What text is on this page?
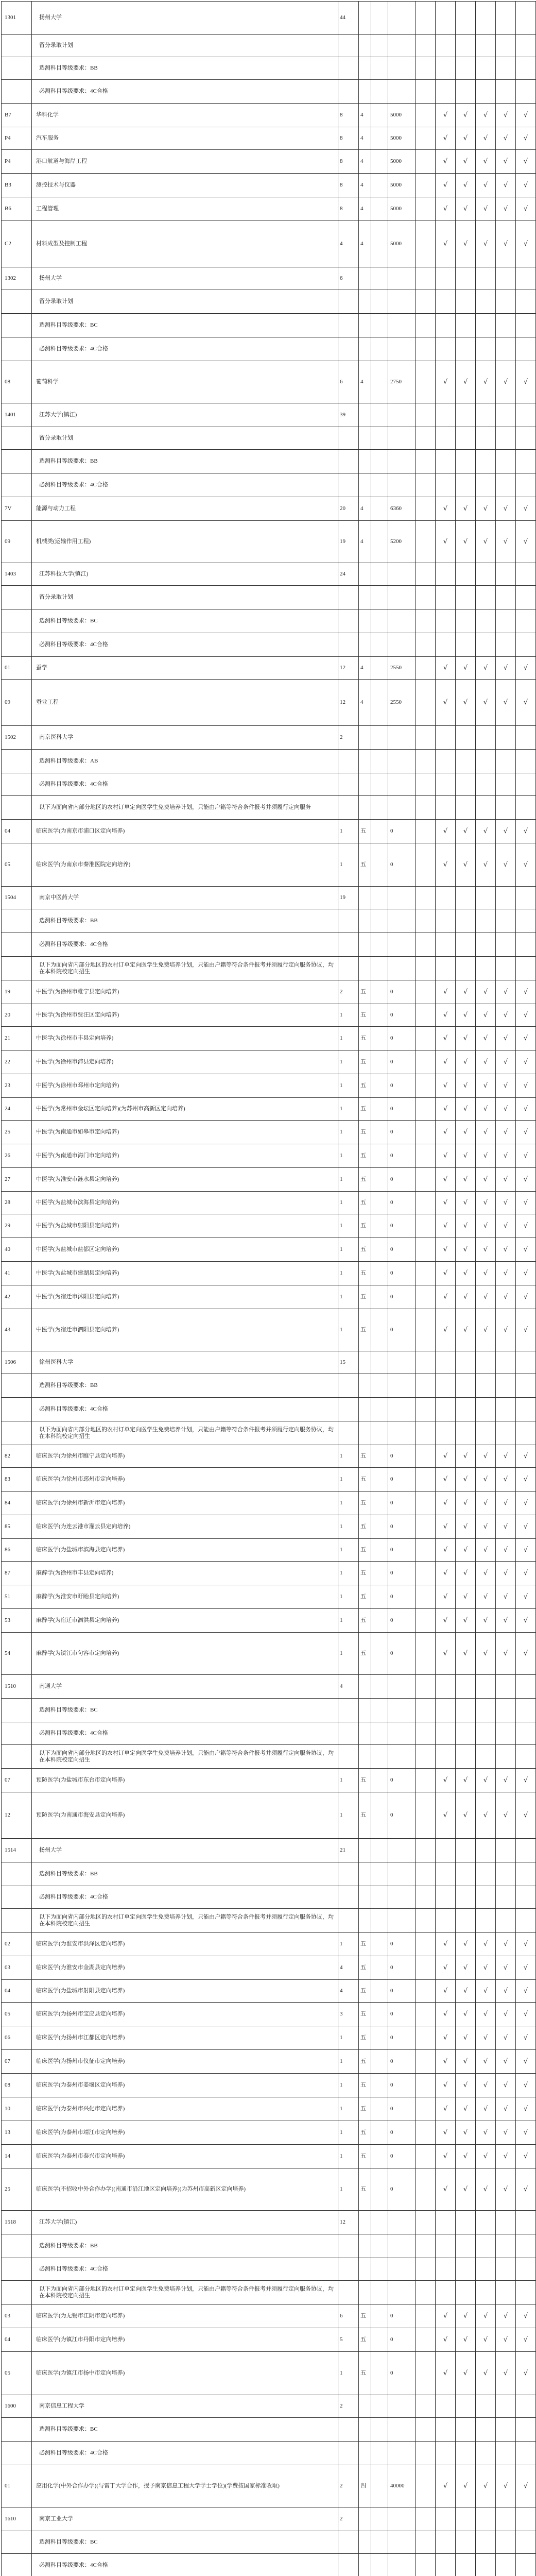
1301	扬州大学	44									
	留分录取计划										
	选测科目等级要求：BB										
	必测科目等级要求：4C合格										
B7	华科化学	8	4		5000		√	√	√	√	√
P4	汽车服务	8	4		5000		√	√	√	√	√
P4	港口航道与海岸工程	8	4		5000		√	√	√	√	√
B3	测控技术与仪器	8	4		5000		√	√	√	√	√
B6	工程管理	8	4		5000		√	√	√	√	√
C2	材料成型及控制工程	4	4		5000		√	√	√	√	√
1302	扬州大学	6									
	留分录取计划										
	选测科目等级要求：BC										
	必测科目等级要求：4C合格										
08	葡萄科学	6	4		2750		√	√	√	√	√
1401	江苏大学(镇江)	39									
	留分录取计划										
	选测科目等级要求：BB										
	必测科目等级要求：4C合格										
7V	能源与动力工程	20	4		6360		√	√	√	√	√
09	机械类(运输作用工程)	19	4		5200		√	√	√	√	√
1403	江苏科技大学(镇江)	24									
	留分录取计划										
	选测科目等级要求：BC										
	必测科目等级要求：4C合格										
01	蚕学	12	4		2550		√	√	√	√	√
09	蚕业工程	12	4		2550		√	√	√	√	√
1502	南京医科大学	2									
	选测科目等级要求：AB										
	必测科目等级要求：4C合格										
	以下为面向省内部分地区的农村订单定向医学生免费培养计划，只能由户籍等符合条件报考并须履行定向服务										
04	临床医学(为南京市浦口区定向培养)	1	五		0		√	√	√	√	√
05	临床医学(为南京市秦淮医院定向培养)	1	五		0		√	√	√	√	√
1504	南京中医药大学	19									
	选测科目等级要求：BB										
	必测科目等级要求：4C合格										
	以下为面向省内部分地区的农村订单定向医学生免费培养计划，只能由户籍等符合条件报考并须履行定向服务协议，均在本科院校定向招生										
19	中医学(为徐州市睢宁县定向培养)	2	五		0		√	√	√	√	√
20	中医学(为徐州市贾汪区定向培养)	1	五		0		√	√	√	√	√
21	中医学(为徐州市丰县定向培养)	1	五		0		√	√	√	√	√
22	中医学(为徐州市沛县定向培养)	1	五		0		√	√	√	√	√
23	中医学(为徐州市邳州市定向培养)	1	五		0		√	√	√	√	√
24	中医学(为常州市金坛区定向培养)(为苏州市高新区定向培养)	1	五		0		√	√	√	√	√
25	中医学(为南通市如皋市定向培养)	1	五		0		√	√	√	√	√
26	中医学(为南通市海门市定向培养)	1	五		0		√	√	√	√	√
27	中医学(为淮安市涟水县定向培养)	1	五		0		√	√	√	√	√
28	中医学(为盐城市滨海县定向培养)	1	五		0		√	√	√	√	√
29	中医学(为盐城市射阳县定向培养)	1	五		0		√	√	√	√	√
40	中医学(为盐城市盐都区定向培养)	1	五		0		√	√	√	√	√
41	中医学(为盐城市建湖县定向培养)	1	五		0		√	√	√	√	√
42	中医学(为宿迁市沭阳县定向培养)	1	五		0		√	√	√	√	√
43	中医学(为宿迁市泗阳县定向培养)	1	五		0		√	√	√	√	√
1506	徐州医科大学	15									
	选测科目等级要求：BB										
	必测科目等级要求：4C合格										
	以下为面向省内部分地区的农村订单定向医学生免费培养计划，只能由户籍等符合条件报考并须履行定向服务协议，均在本科院校定向招生										
82	临床医学(为徐州市睢宁县定向培养)	1	五		0		√	√	√	√	√
83	临床医学(为徐州市邳州市定向培养)	1	五		0		√	√	√	√	√
84	临床医学(为徐州市新沂市定向培养)	1	五		0		√	√	√	√	√
85	临床医学(为连云港市灌云县定向培养)	1	五		0		√	√	√	√	√
86	临床医学(为盐城市滨海县定向培养)	1	五		0		√	√	√	√	√
87	麻醉学(为徐州市丰县定向培养)	1	五		0		√	√	√	√	√
51	麻醉学(为淮安市盱眙县定向培养)	1	五		0		√	√	√	√	√
53	麻醉学(为宿迁市泗洪县定向培养)	1	五		0		√	√	√	√	√
54	麻醉学(为镇江市句容市定向培养)	1	五		0		√	√	√	√	√
1510	南通大学	4									
	选测科目等级要求：BC										
	必测科目等级要求：4C合格										
	以下为面向省内部分地区的农村订单定向医学生免费培养计划，只能由户籍等符合条件报考并须履行定向服务协议，均在本科院校定向招生										
07	预防医学(为盐城市东台市定向培养)	1	五		0		√	√	√	√	√
12	预防医学(为南通市海安县定向培养)	1	五		0		√	√	√	√	√
1514	扬州大学	21									
	选测科目等级要求：BB										
	必测科目等级要求：4C合格										
	以下为面向省内部分地区的农村订单定向医学生免费培养计划，只能由户籍等符合条件报考并须履行定向服务协议，均在本科院校定向招生										
02	临床医学(为淮安市洪泽区定向培养)	1	五		0		√	√	√	√	√
03	临床医学(为淮安市金湖县定向培养)	4	五		0		√	√	√	√	√
04	临床医学(为盐城市射阳县定向培养)	4	五		0		√	√	√	√	√
05	临床医学(为扬州市宝应县定向培养)	3	五		0		√	√	√	√	√
06	临床医学(为扬州市江都区定向培养)	1	五		0		√	√	√	√	√
07	临床医学(为扬州市仪征市定向培养)	1	五		0		√	√	√	√	√
08	临床医学(为泰州市姜堰区定向培养)	1	五		0		√	√	√	√	√
10	临床医学(为泰州市兴化市定向培养)	1	五		0		√	√	√	√	√
13	临床医学(为泰州市靖江市定向培养)	1	五		0		√	√	√	√	√
14	临床医学(为泰州市泰兴市定向培养)	1	五		0		√	√	√	√	√
25	临床医学(不招收中外合作办学)(南通市沿江地区定向培养)(为苏州市高新区定向培养)	1	五		0		√	√	√	√	√
1518	江苏大学(镇江)	12									
	选测科目等级要求：BB										
	必测科目等级要求：4C合格										
	以下为面向省内部分地区的农村订单定向医学生免费培养计划，只能由户籍等符合条件报考并须履行定向服务协议，均在本科院校定向招生										
03	临床医学(为无锡市江阴市定向培养)	6	五		0		√	√	√	√	√
04	临床医学(为镇江市丹阳市定向培养)	5	五		0		√	√	√	√	√
05	临床医学(为镇江市扬中市定向培养)	1	五		0		√	√	√	√	√
1600	南京信息工程大学	2									
	选测科目等级要求：BC										
	必测科目等级要求：4C合格										
01	应用化学(中外合作办学)(与雷丁大学合作，授予南京信息工程大学学士学位)(学费按国家标准收取)	2	四		40000		√	√	√	√	√
1610	南京工业大学	2									
	选测科目等级要求：BC										
	必测科目等级要求：4C合格										
